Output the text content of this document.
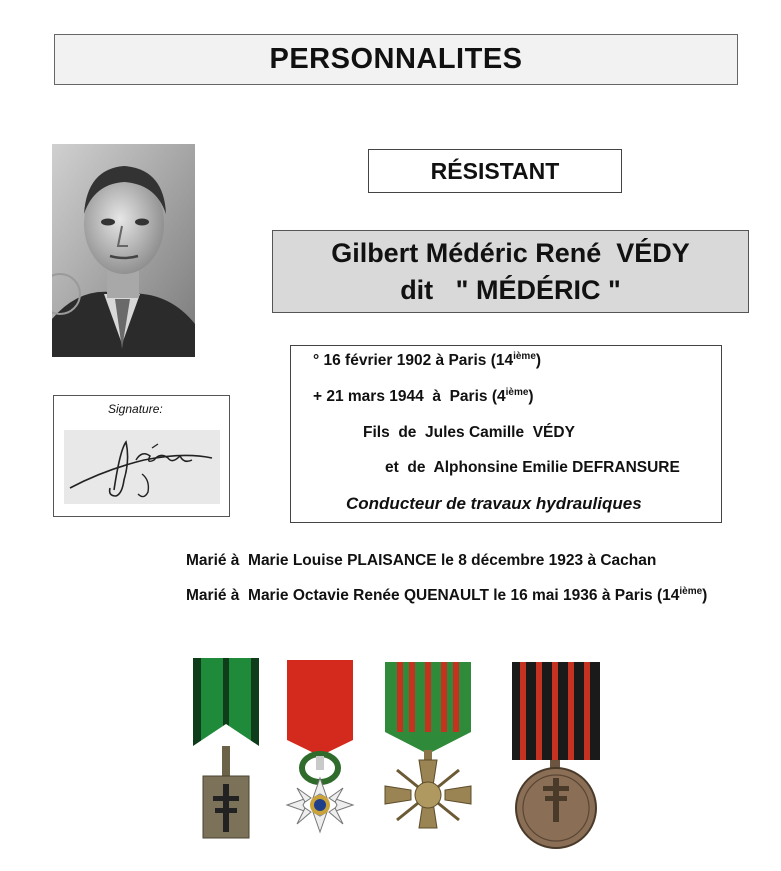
PERSONNALITES
RÉSISTANT
Gilbert Médéric René  VÉDY
dit   " MÉDÉRIC "
° 16 février 1902 à Paris (14ième)
+ 21 mars 1944  à  Paris (4ième)
Fils  de  Jules Camille  VÉDY
et  de  Alphonsine Emilie DEFRANSURE
Conducteur de travaux hydrauliques
Signature:
Marié à  Marie Louise PLAISANCE le 8 décembre 1923 à Cachan
Marié à  Marie Octavie Renée QUENAULT le 16 mai 1936 à Paris (14ième)
